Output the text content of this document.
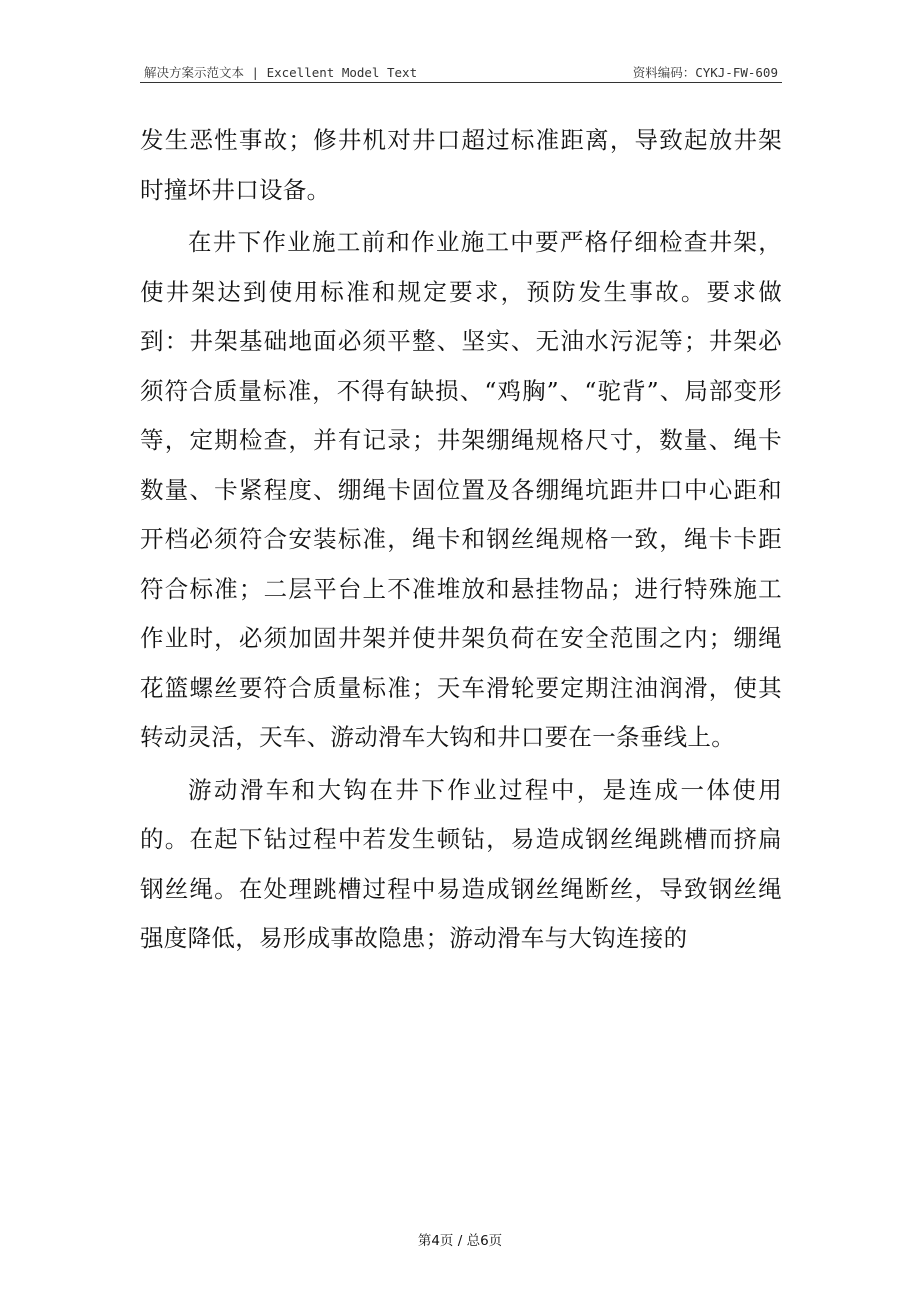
解决方案示范文本 | Excellent Model Text	资料编码：CYKJ-FW-609

发生恶性事故；修井机对井口超过标准距离，导致起放井架时撞坏井口设备。

在井下作业施工前和作业施工中要严格仔细检查井架，使井架达到使用标准和规定要求，预防发生事故。要求做到：井架基础地面必须平整、坚实、无油水污泥等；井架必须符合质量标准，不得有缺损、“鸡胸”、“驼背”、局部变形等，定期检查，并有记录；井架绷绳规格尺寸，数量、绳卡数量、卡紧程度、绷绳卡固位置及各绷绳坑距井口中心距和开档必须符合安装标准，绳卡和钢丝绳规格一致，绳卡卡距符合标准；二层平台上不准堆放和悬挂物品；进行特殊施工作业时，必须加固井架并使井架负荷在安全范围之内；绷绳花篮螺丝要符合质量标准；天车滑轮要定期注油润滑，使其转动灵活，天车、游动滑车大钩和井口要在一条垂线上。

游动滑车和大钩在井下作业过程中，是连成一体使用的。在起下钻过程中若发生顿钻，易造成钢丝绳跳槽而挤扁钢丝绳。在处理跳槽过程中易造成钢丝绳断丝，导致钢丝绳强度降低，易形成事故隐患；游动滑车与大钩连接的

第4页 / 总6页
